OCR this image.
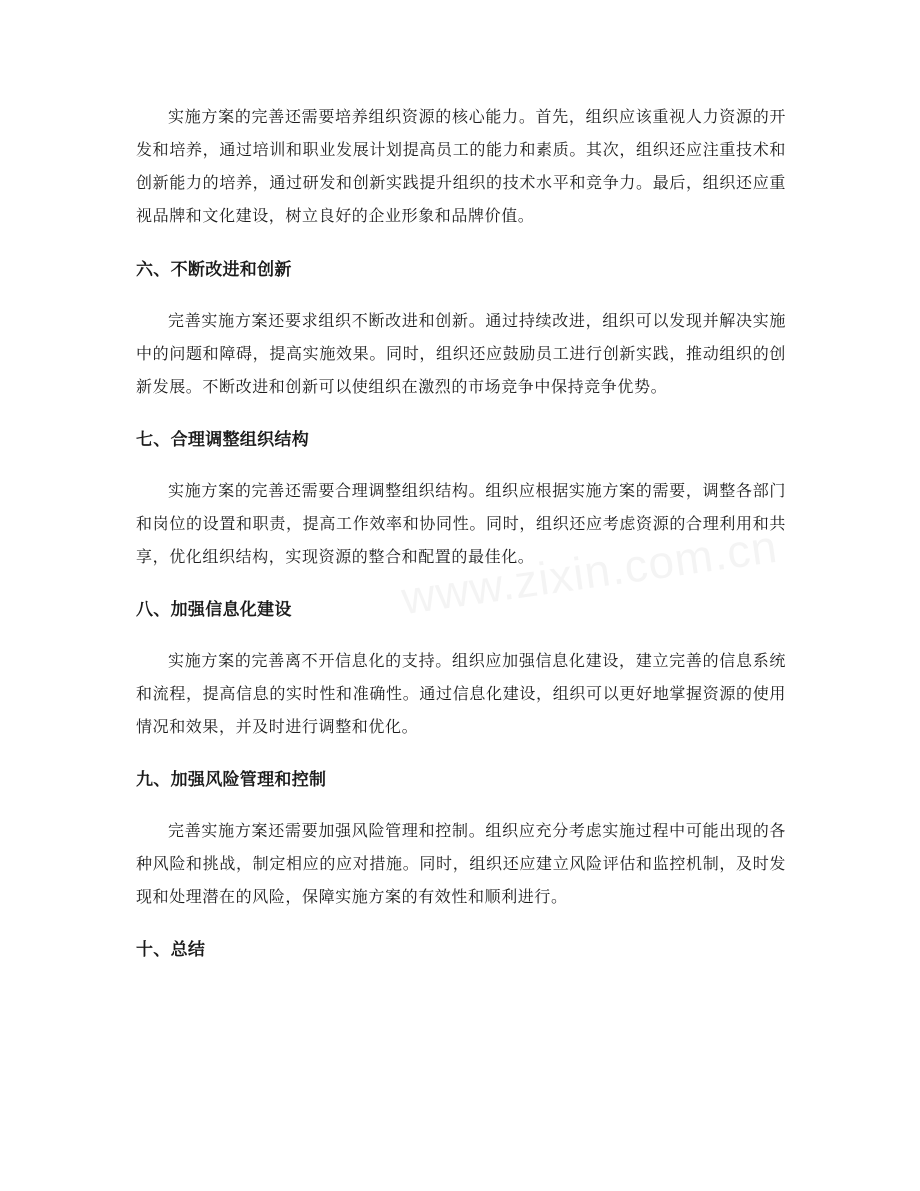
实施方案的完善还需要培养组织资源的核心能力。首先，组织应该重视人力资源的开发和培养，通过培训和职业发展计划提高员工的能力和素质。其次，组织还应注重技术和创新能力的培养，通过研发和创新实践提升组织的技术水平和竞争力。最后，组织还应重视品牌和文化建设，树立良好的企业形象和品牌价值。

六、不断改进和创新

完善实施方案还要求组织不断改进和创新。通过持续改进，组织可以发现并解决实施中的问题和障碍，提高实施效果。同时，组织还应鼓励员工进行创新实践，推动组织的创新发展。不断改进和创新可以使组织在激烈的市场竞争中保持竞争优势。

七、合理调整组织结构

实施方案的完善还需要合理调整组织结构。组织应根据实施方案的需要，调整各部门和岗位的设置和职责，提高工作效率和协同性。同时，组织还应考虑资源的合理利用和共享，优化组织结构，实现资源的整合和配置的最佳化。

八、加强信息化建设

实施方案的完善离不开信息化的支持。组织应加强信息化建设，建立完善的信息系统和流程，提高信息的实时性和准确性。通过信息化建设，组织可以更好地掌握资源的使用情况和效果，并及时进行调整和优化。

九、加强风险管理和控制

完善实施方案还需要加强风险管理和控制。组织应充分考虑实施过程中可能出现的各种风险和挑战，制定相应的应对措施。同时，组织还应建立风险评估和监控机制，及时发现和处理潜在的风险，保障实施方案的有效性和顺利进行。

十、总结
